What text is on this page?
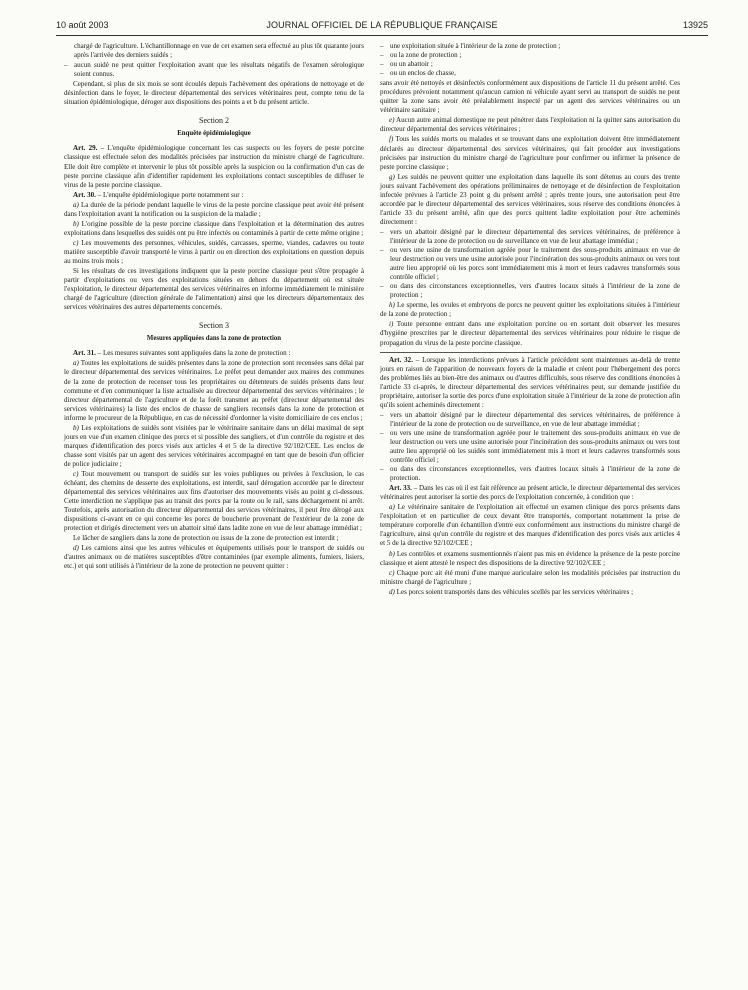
10 août 2003	JOURNAL OFFICIEL DE LA RÉPUBLIQUE FRANÇAISE	13925

chargé de l'agriculture. L'échantillonnage en vue de cet examen sera effectué au plus tôt quarante jours après l'arrivée des derniers suidés ;

– aucun suidé ne peut quitter l'exploitation avant que les résultats négatifs de l'examen sérologique soient connus.

Cependant, si plus de six mois se sont écoulés depuis l'achèvement des opérations de nettoyage et de désinfection dans le foyer, le directeur départemental des services vétérinaires peut, compte tenu de la situation épidémiologique, déroger aux dispositions des points a et b du présent article.

Section 2
Enquête épidémiologique

Art. 29. – L'enquête épidémiologique concernant les cas suspects ou les foyers de peste porcine classique est effectuée selon des modalités précisées par instruction du ministre chargé de l'agriculture. Elle doit être complète et intervenir le plus tôt possible après la suspicion ou la confirmation d'un cas de peste porcine classique afin d'identifier rapidement les exploitations contact susceptibles de diffuser le virus de la peste porcine classique.

Art. 30. – L'enquête épidémiologique porte notamment sur :

a) La durée de la période pendant laquelle le virus de la peste porcine classique peut avoir été présent dans l'exploitation avant la notification ou la suspicion de la maladie ;

b) L'origine possible de la peste porcine classique dans l'exploitation et la détermination des autres exploitations dans lesquelles des suidés ont pu être infectés ou contaminés à partir de cette même origine ;

c) Les mouvements des personnes, véhicules, suidés, carcasses, sperme, viandes, cadavres ou toute matière susceptible d'avoir transporté le virus à partir ou en direction des exploitations en question depuis au moins trois mois ;

Si les résultats de ces investigations indiquent que la peste porcine classique peut s'être propagée à partir d'exploitations ou vers des exploitations situées en dehors du département où est située l'exploitation, le directeur départemental des services vétérinaires en informe immédiatement le ministère chargé de l'agriculture (direction générale de l'alimentation) ainsi que les directeurs départementaux des services vétérinaires des autres départements concernés.

Section 3
Mesures appliquées dans la zone de protection

Art. 31. – Les mesures suivantes sont appliquées dans la zone de protection :

a) Toutes les exploitations de suidés présentes dans la zone de protection sont recensées sans délai par le directeur départemental des services vétérinaires. Le préfet peut demander aux maires des communes de la zone de protection de recenser tous les propriétaires ou détenteurs de suidés présents dans leur commune et d'en communiquer la liste actualisée au directeur départemental des services vétérinaires ; le directeur départemental de l'agriculture et de la forêt transmet au préfet (directeur départemental des services vétérinaires) la liste des enclos de chasse de sangliers recensés dans la zone de protection et informe le procureur de la République, en cas de nécessité d'ordonner la visite domiciliaire de ces enclos ;

b) Les exploitations de suidés sont visitées par le vétérinaire sanitaire dans un délai maximal de sept jours en vue d'un examen clinique des porcs et si possible des sangliers, et d'un contrôle du registre et des marques d'identification des porcs visés aux articles 4 et 5 de la directive 92/102/CEE. Les enclos de chasse sont visités par un agent des services vétérinaires accompagné en tant que de besoin d'un officier de police judiciaire ;

c) Tout mouvement ou transport de suidés sur les voies publiques ou privées à l'exclusion, le cas échéant, des chemins de desserte des exploitations, est interdit, sauf dérogation accordée par le directeur départemental des services vétérinaires aux fins d'autoriser des mouvements visés au point g ci-dessous. Cette interdiction ne s'applique pas au transit des porcs par la route ou le rail, sans déchargement ni arrêt. Toutefois, après autorisation du directeur départemental des services vétérinaires, il peut être dérogé aux dispositions ci-avant en ce qui concerne les porcs de boucherie provenant de l'extérieur de la zone de protection et dirigés directement vers un abattoir situé dans ladite zone en vue de leur abattage immédiat ;

Le lâcher de sangliers dans la zone de protection ou issus de la zone de protection est interdit ;

d) Les camions ainsi que les autres véhicules et équipements utilisés pour le transport de suidés ou d'autres animaux ou de matières susceptibles d'être contaminées (par exemple aliments, fumiers, lisiers, etc.) et qui sont utilisés à l'intérieur de la zone de protection ne peuvent quitter :

– une exploitation située à l'intérieur de la zone de protection ;
– ou la zone de protection ;
– ou un abattoir ;
– ou un enclos de chasse,

sans avoir été nettoyés et désinfectés conformément aux dispositions de l'article 11 du présent arrêté. Ces procédures prévoient notamment qu'aucun camion ni véhicule ayant servi au transport de suidés ne peut quitter la zone sans avoir été préalablement inspecté par un agent des services vétérinaires ou un vétérinaire sanitaire ;

e) Aucun autre animal domestique ne peut pénétrer dans l'exploitation ni la quitter sans autorisation du directeur départemental des services vétérinaires ;

f) Tous les suidés morts ou malades et se trouvant dans une exploitation doivent être immédiatement déclarés au directeur départemental des services vétérinaires, qui fait procéder aux investigations précisées par instruction du ministre chargé de l'agriculture pour confirmer ou infirmer la présence de peste porcine classique ;

g) Les suidés ne peuvent quitter une exploitation dans laquelle ils sont détenus au cours des trente jours suivant l'achèvement des opérations préliminaires de nettoyage et de désinfection de l'exploitation infectée prévues à l'article 23 point g du présent arrêté ; après trente jours, une autorisation peut être accordée par le directeur départemental des services vétérinaires, sous réserve des conditions énoncées à l'article 33 du présent arrêté, afin que des porcs quittent ladite exploitation pour être acheminés directement :

– vers un abattoir désigné par le directeur départemental des services vétérinaires, de préférence à l'intérieur de la zone de protection ou de surveillance en vue de leur abattage immédiat ;
– ou vers une usine de transformation agréée pour le traitement des sous-produits animaux en vue de leur destruction ou vers une usine autorisée pour l'incinération des sous-produits animaux ou vers tout autre lieu approprié où les porcs sont immédiatement mis à mort et leurs cadavres transformés sous contrôle officiel ;
– ou dans des circonstances exceptionnelles, vers d'autres locaux situés à l'intérieur de la zone de protection ;

h) Le sperme, les ovules et embryons de porcs ne peuvent quitter les exploitations situées à l'intérieur de la zone de protection ;

i) Toute personne entrant dans une exploitation porcine ou en sortant doit observer les mesures d'hygiène prescrites par le directeur départemental des services vétérinaires pour réduire le risque de propagation du virus de la peste porcine classique.

Art. 32. – Lorsque les interdictions prévues à l'article précédent sont maintenues au-delà de trente jours en raison de l'apparition de nouveaux foyers de la maladie et créent pour l'hébergement des porcs des problèmes liés au bien-être des animaux ou d'autres difficultés, sous réserve des conditions énoncées à l'article 33 ci-après, le directeur départemental des services vétérinaires peut, sur demande justifiée du propriétaire, autoriser la sortie des porcs d'une exploitation située à l'intérieur de la zone de protection afin qu'ils soient acheminés directement :

– vers un abattoir désigné par le directeur départemental des services vétérinaires, de préférence à l'intérieur de la zone de protection ou de surveillance, en vue de leur abattage immédiat ;
– ou vers une usine de transformation agréée pour le traitement des sous-produits animaux en vue de leur destruction ou vers une usine autorisée pour l'incinération des sous-produits animaux ou vers tout autre lieu approprié où les suidés sont immédiatement mis à mort et leurs cadavres transformés sous contrôle officiel ;
– ou dans des circonstances exceptionnelles, vers d'autres locaux situés à l'intérieur de la zone de protection.

Art. 33. – Dans les cas où il est fait référence au présent article, le directeur départemental des services vétérinaires peut autoriser la sortie des porcs de l'exploitation concernée, à condition que :

a) Le vétérinaire sanitaire de l'exploitation ait effectué un examen clinique des porcs présents dans l'exploitation et en particulier de ceux devant être transportés, comportant notamment la prise de température corporelle d'un échantillon d'entre eux conformément aux instructions du ministre chargé de l'agriculture, ainsi qu'un contrôle du registre et des marques d'identification des porcs visés aux articles 4 et 5 de la directive 92/102/CEE ;

b) Les contrôles et examens susmentionnés n'aient pas mis en évidence la présence de la peste porcine classique et aient attesté le respect des dispositions de la directive 92/102/CEE ;

c) Chaque porc ait été muni d'une marque auriculaire selon les modalités précisées par instruction du ministre chargé de l'agriculture ;

d) Les porcs soient transportés dans des véhicules scellés par les services vétérinaires ;
